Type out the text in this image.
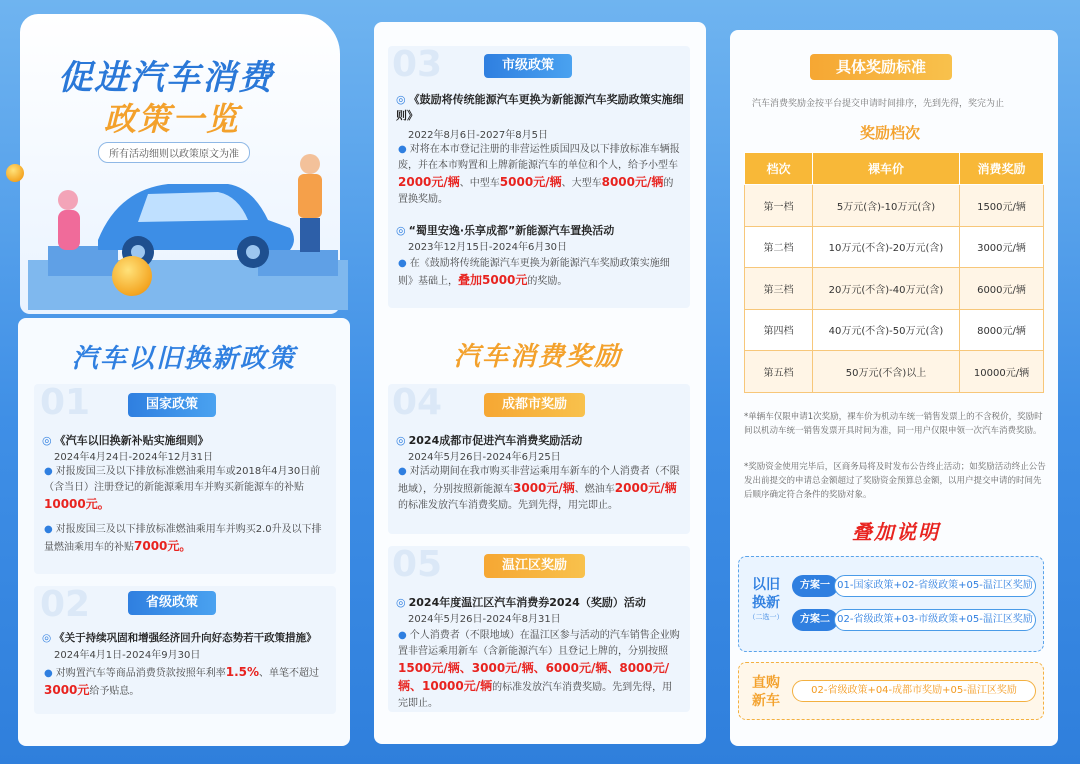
促进汽车消费
政策一览
所有活动细则以政策原文为准
汽车以旧换新政策
01	国家政策
◎ 《汽车以旧换新补贴实施细则》
2024年4月24日-2024年12月31日
● 对报废国三及以下排放标准燃油乘用车或2018年4月30日前（含当日）注册登记的新能源乘用车并购买新能源车的补贴10000元。
● 对报废国三及以下排放标准燃油乘用车并购买2.0升及以下排量燃油乘用车的补贴7000元。
02	省级政策
◎ 《关于持续巩固和增强经济回升向好态势若干政策措施》
2024年4月1日-2024年9月30日
● 对购置汽车等商品消费贷款按照年利率1.5%、单笔不超过3000元给予贴息。
03	市级政策
◎ 《鼓励将传统能源汽车更换为新能源汽车奖励政策实施细则》
2022年8月6日-2027年8月5日
● 对将在本市登记注册的非营运性质国四及以下排放标准车辆报废，并在本市购置和上牌新能源汽车的单位和个人，给予小型车2000元/辆、中型车5000元/辆、大型车8000元/辆的置换奖励。
◎ “蜀里安逸·乐享成都”新能源汽车置换活动
2023年12月15日-2024年6月30日
● 在《鼓励将传统能源汽车更换为新能源汽车奖励政策实施细则》基础上，叠加5000元的奖励。
汽车消费奖励
04	成都市奖励
◎ 2024成都市促进汽车消费奖励活动
2024年5月26日-2024年6月25日
● 对活动期间在我市购买非营运乘用车新车的个人消费者（不限地域），分别按照新能源车3000元/辆、燃油车2000元/辆的标准发放汽车消费奖励。先到先得，用完即止。
05	温江区奖励
◎ 2024年度温江区汽车消费券2024（奖励）活动
2024年5月26日-2024年8月31日
● 个人消费者（不限地域）在温江区参与活动的汽车销售企业购置非营运乘用新车（含新能源汽车）且登记上牌的，分别按照1500元/辆、3000元/辆、6000元/辆、8000元/辆、10000元/辆的标准发放汽车消费奖励。先到先得，用完即止。
具体奖励标准
汽车消费奖励金按平台提交申请时间排序，先到先得，奖完为止
奖励档次
档次	裸车价	消费奖励
第一档	5万元(含)-10万元(含)	1500元/辆
第二档	10万元(不含)-20万元(含)	3000元/辆
第三档	20万元(不含)-40万元(含)	6000元/辆
第四档	40万元(不含)-50万元(含)	8000元/辆
第五档	50万元(不含)以上	10000元/辆
*单辆车仅限申请1次奖励，裸车价为机动车统一销售发票上的不含税价，奖励时间以机动车统一销售发票开具时间为准，同一用户仅限申领一次汽车消费奖励。
*奖励资金使用完毕后，区商务局将及时发布公告终止活动；如奖励活动终止公告发出前提交的申请总金额超过了奖励资金预算总金额，以用户提交申请的时间先后顺序确定符合条件的奖励对象。
叠加说明
以旧
换新
（二选一）
方案一 01-国家政策+02-省级政策+05-温江区奖励
方案二 02-省级政策+03-市级政策+05-温江区奖励
直购
新车
02-省级政策+04-成都市奖励+05-温江区奖励
